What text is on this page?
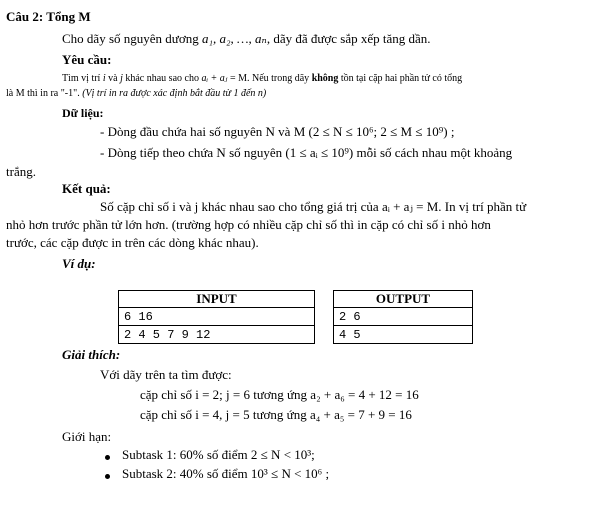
Câu 2: Tổng M
Cho dãy số nguyên dương a₁, a₂, …, aₙ, dãy đã được sắp xếp tăng dần.
Yêu cầu:
Tìm vị trí i và j khác nhau sao cho aᵢ + aⱼ = M. Nếu trong dãy không tồn tại cặp hai phần tử có tổng
là M thì in ra "-1". (Vị trí in ra được xác định bắt đầu từ 1 đến n)
Dữ liệu:
- Dòng đầu chứa hai số nguyên N và M (2 ≤ N ≤ 10⁶; 2 ≤ M ≤ 10⁹) ;
- Dòng tiếp theo chứa N số nguyên (1 ≤ aᵢ ≤ 10⁹) mỗi số cách nhau một khoảng
trắng.
Kết quả:
Số cặp chỉ số i và j khác nhau sao cho tổng giá trị của aᵢ + aⱼ = M. In vị trí phần tử
nhỏ hơn trước phần tử lớn hơn. (trường hợp có nhiều cặp chỉ số thì in cặp có chỉ số i nhỏ hơn
trước, các cặp được in trên các dòng khác nhau).
Ví dụ:
INPUT
6 16
2 4 5 7 9 12
OUTPUT
2 6
4 5
Giải thích:
Với dãy trên ta tìm được:
cặp chỉ số i = 2; j = 6 tương ứng a₂ + a₆ = 4 + 12 = 16
cặp chỉ số i = 4, j = 5 tương ứng a₄ + a₅ = 7 + 9 = 16
Giới hạn:
Subtask 1: 60% số điểm 2 ≤ N < 10³;
Subtask 2: 40% số điểm 10³ ≤ N < 10⁶ ;
